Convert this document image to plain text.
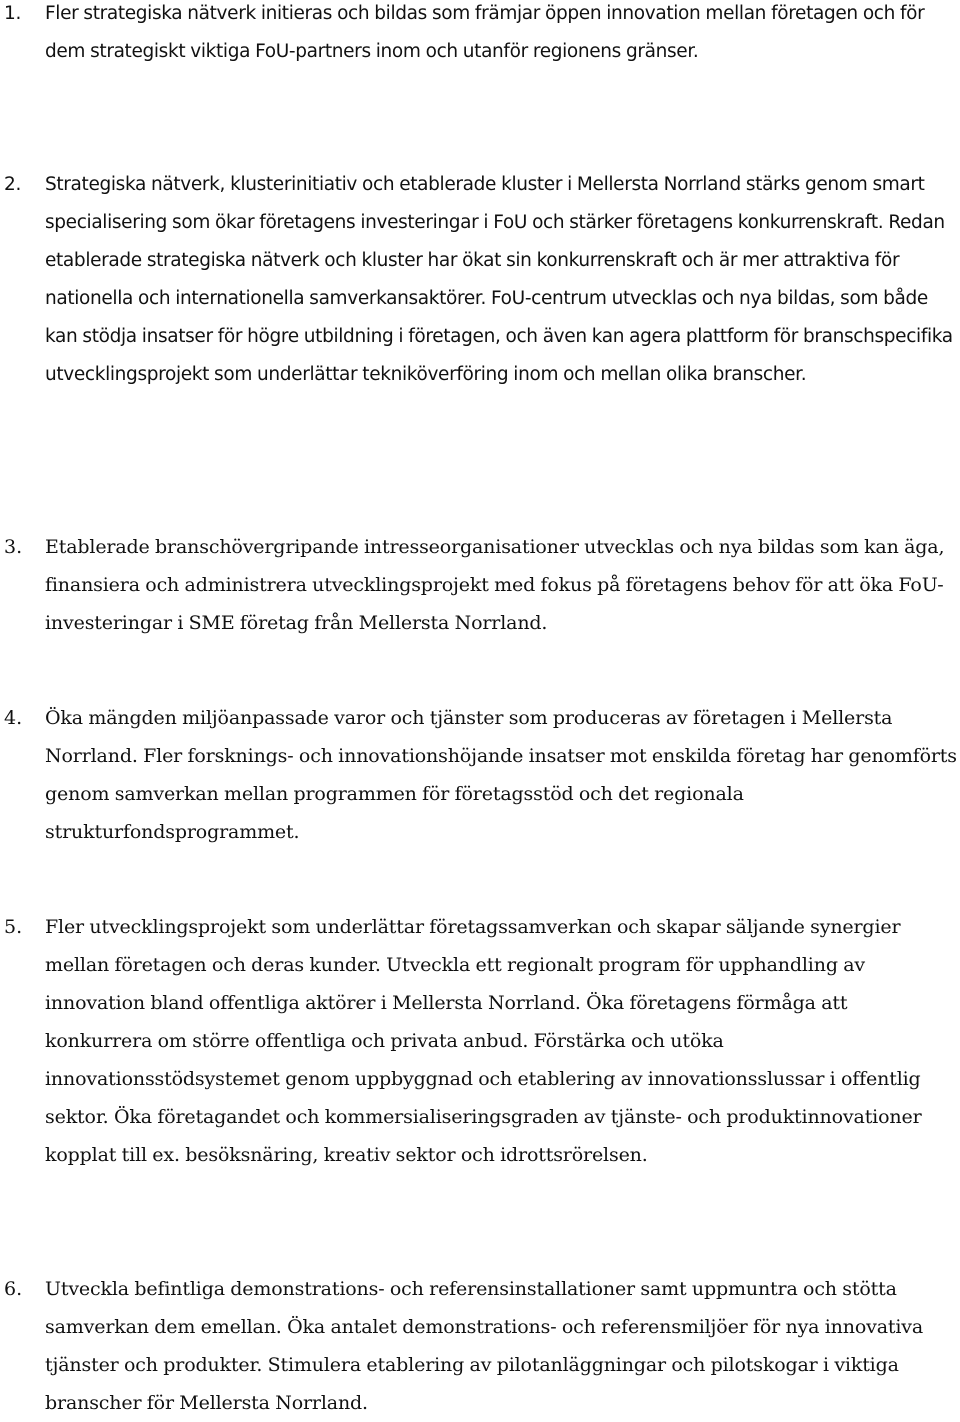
1.	Fler strategiska nätverk initieras och bildas som främjar öppen innovation mellan företagen och för dem strategiskt viktiga FoU-partners inom och utanför regionens gränser.
2.	Strategiska nätverk, klusterinitiativ och etablerade kluster i Mellersta Norrland stärks genom smart specialisering som ökar företagens investeringar i FoU och stärker företagens konkurrenskraft. Redan etablerade strategiska nätverk och kluster har ökat sin konkurrenskraft och är mer attraktiva för nationella och internationella samverkansaktörer. FoU-centrum utvecklas och nya bildas, som både kan stödja insatser för högre utbildning i företagen, och även kan agera plattform för branschspecifika utvecklingsprojekt som underlättar tekniköverföring inom och mellan olika branscher.
3.	Etablerade branschövergripande intresseorganisationer utvecklas och nya bildas som kan äga, finansiera och administrera utvecklingsprojekt med fokus på företagens behov för att öka FoU-investeringar i SME företag från Mellersta Norrland.
4.	Öka mängden miljöanpassade varor och tjänster som produceras av företagen i Mellersta Norrland. Fler forsknings- och innovationshöjande insatser mot enskilda företag har genomförts genom samverkan mellan programmen för företagsstöd och det regionala strukturfondsprogrammet.
5.	Fler utvecklingsprojekt som underlättar företagssamverkan och skapar säljande synergier mellan företagen och deras kunder. Utveckla ett regionalt program för upphandling av innovation bland offentliga aktörer i Mellersta Norrland. Öka företagens förmåga att konkurrera om större offentliga och privata anbud. Förstärka och utöka innovationsstödsystemet genom uppbyggnad och etablering av innovationsslussar i offentlig sektor. Öka företagandet och kommersialiseringsgraden av tjänste- och produktinnovationer kopplat till ex. besöksnäring, kreativ sektor och idrottsrörelsen.
6.	Utveckla befintliga demonstrations- och referensinstallationer samt uppmuntra och stötta samverkan dem emellan. Öka antalet demonstrations- och referensmiljöer för nya innovativa tjänster och produkter. Stimulera etablering av pilotanläggningar och pilotskogar i viktiga branscher för Mellersta Norrland.
